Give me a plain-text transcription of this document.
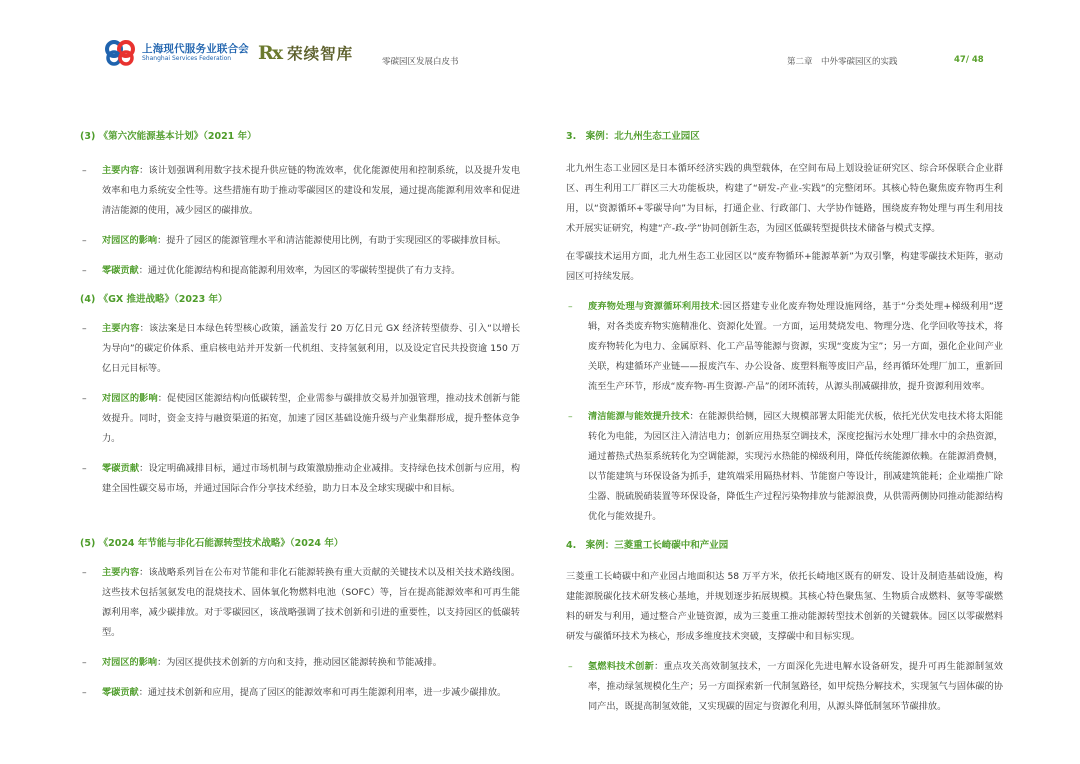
上海现代服务业联合会
Shanghai Services Federation	Rx 荣续智库	零碳园区发展白皮书	第二章　中外零碳园区的实践	47/ 48
(3) 《第六次能源基本计划》（2021 年）
– 主要内容：该计划强调利用数字技术提升供应链的物流效率，优化能源使用和控制系统，以及提升发电效率和电力系统安全性等。这些措施有助于推动零碳园区的建设和发展，通过提高能源利用效率和促进清洁能源的使用，减少园区的碳排放。
– 对园区的影响：提升了园区的能源管理水平和清洁能源使用比例，有助于实现园区的零碳排放目标。
– 零碳贡献：通过优化能源结构和提高能源利用效率，为园区的零碳转型提供了有力支持。
(4) 《GX 推进战略》（2023 年）
– 主要内容：该法案是日本绿色转型核心政策，涵盖发行 20 万亿日元 GX 经济转型债券、引入“以增长为导向”的碳定价体系、重启核电站并开发新一代机组、支持氢氨利用，以及设定官民共投资逾 150 万亿日元目标等。
– 对园区的影响：促使园区能源结构向低碳转型，企业需参与碳排放交易并加强管理，推动技术创新与能效提升。同时，资金支持与融资渠道的拓宽，加速了园区基础设施升级与产业集群形成，提升整体竞争力。
– 零碳贡献：设定明确减排目标，通过市场机制与政策激励推动企业减排。支持绿色技术创新与应用，构建全国性碳交易市场，并通过国际合作分享技术经验，助力日本及全球实现碳中和目标。
(5) 《2024 年节能与非化石能源转型技术战略》（2024 年）
– 主要内容：该战略系列旨在公布对节能和非化石能源转换有重大贡献的关键技术以及相关技术路线图。这些技术包括氢氨发电的混烧技术、固体氧化物燃料电池（SOFC）等，旨在提高能源效率和可再生能源利用率，减少碳排放。对于零碳园区，该战略强调了技术创新和引进的重要性，以支持园区的低碳转型。
– 对园区的影响：为园区提供技术创新的方向和支持，推动园区能源转换和节能减排。
– 零碳贡献：通过技术创新和应用，提高了园区的能源效率和可再生能源利用率，进一步减少碳排放。
3.　案例：北九州生态工业园区
北九州生态工业园区是日本循环经济实践的典型载体，在空间布局上划设验证研究区、综合环保联合企业群区、再生利用工厂群区三大功能板块，构建了“研发-产业-实践”的完整闭环。其核心特色聚焦废弃物再生利用，以“资源循环+零碳导向”为目标，打通企业、行政部门、大学协作链路，围绕废弃物处理与再生利用技术开展实证研究，构建“产-政-学”协同创新生态，为园区低碳转型提供技术储备与模式支撑。
在零碳技术运用方面，北九州生态工业园区以“废弃物循环+能源革新”为双引擎，构建零碳技术矩阵，驱动园区可持续发展。
– 废弃物处理与资源循环利用技术:园区搭建专业化废弃物处理设施网络，基于“分类处理+梯级利用”逻辑，对各类废弃物实施精准化、资源化处置。一方面，运用焚烧发电、物理分选、化学回收等技术，将废弃物转化为电力、金属原料、化工产品等能源与资源，实现“变废为宝”；另一方面，强化企业间产业关联，构建循环产业链——报废汽车、办公设备、废塑料瓶等废旧产品，经再循环处理厂加工，重新回流至生产环节，形成“废弃物-再生资源-产品”的闭环流转，从源头削减碳排放，提升资源利用效率。
– 清洁能源与能效提升技术：在能源供给侧，园区大规模部署太阳能光伏板，依托光伏发电技术将太阳能转化为电能，为园区注入清洁电力；创新应用热泵空调技术，深度挖掘污水处理厂排水中的余热资源，通过蓄热式热泵系统转化为空调能源，实现污水热能的梯级利用，降低传统能源依赖。在能源消费侧，以节能建筑与环保设备为抓手，建筑端采用隔热材料、节能窗户等设计，削减建筑能耗；企业端推广除尘器、脱硫脱硝装置等环保设备，降低生产过程污染物排放与能源浪费，从供需两侧协同推动能源结构优化与能效提升。
4.　案例：三菱重工长崎碳中和产业园
三菱重工长崎碳中和产业园占地面积达 58 万平方米，依托长崎地区既有的研发、设计及制造基础设施，构建能源脱碳化技术研发核心基地，并规划逐步拓展规模。其核心特色聚焦氢、生物质合成燃料、氨等零碳燃料的研发与利用，通过整合产业链资源，成为三菱重工推动能源转型技术创新的关键载体。园区以零碳燃料研发与碳循环技术为核心，形成多维度技术突破，支撑碳中和目标实现。
– 氢燃料技术创新：重点攻关高效制氢技术，一方面深化先进电解水设备研发，提升可再生能源制氢效率，推动绿氢规模化生产；另一方面探索新一代制氢路径，如甲烷热分解技术，实现氢气与固体碳的协同产出，既提高制氢效能，又实现碳的固定与资源化利用，从源头降低制氢环节碳排放。
